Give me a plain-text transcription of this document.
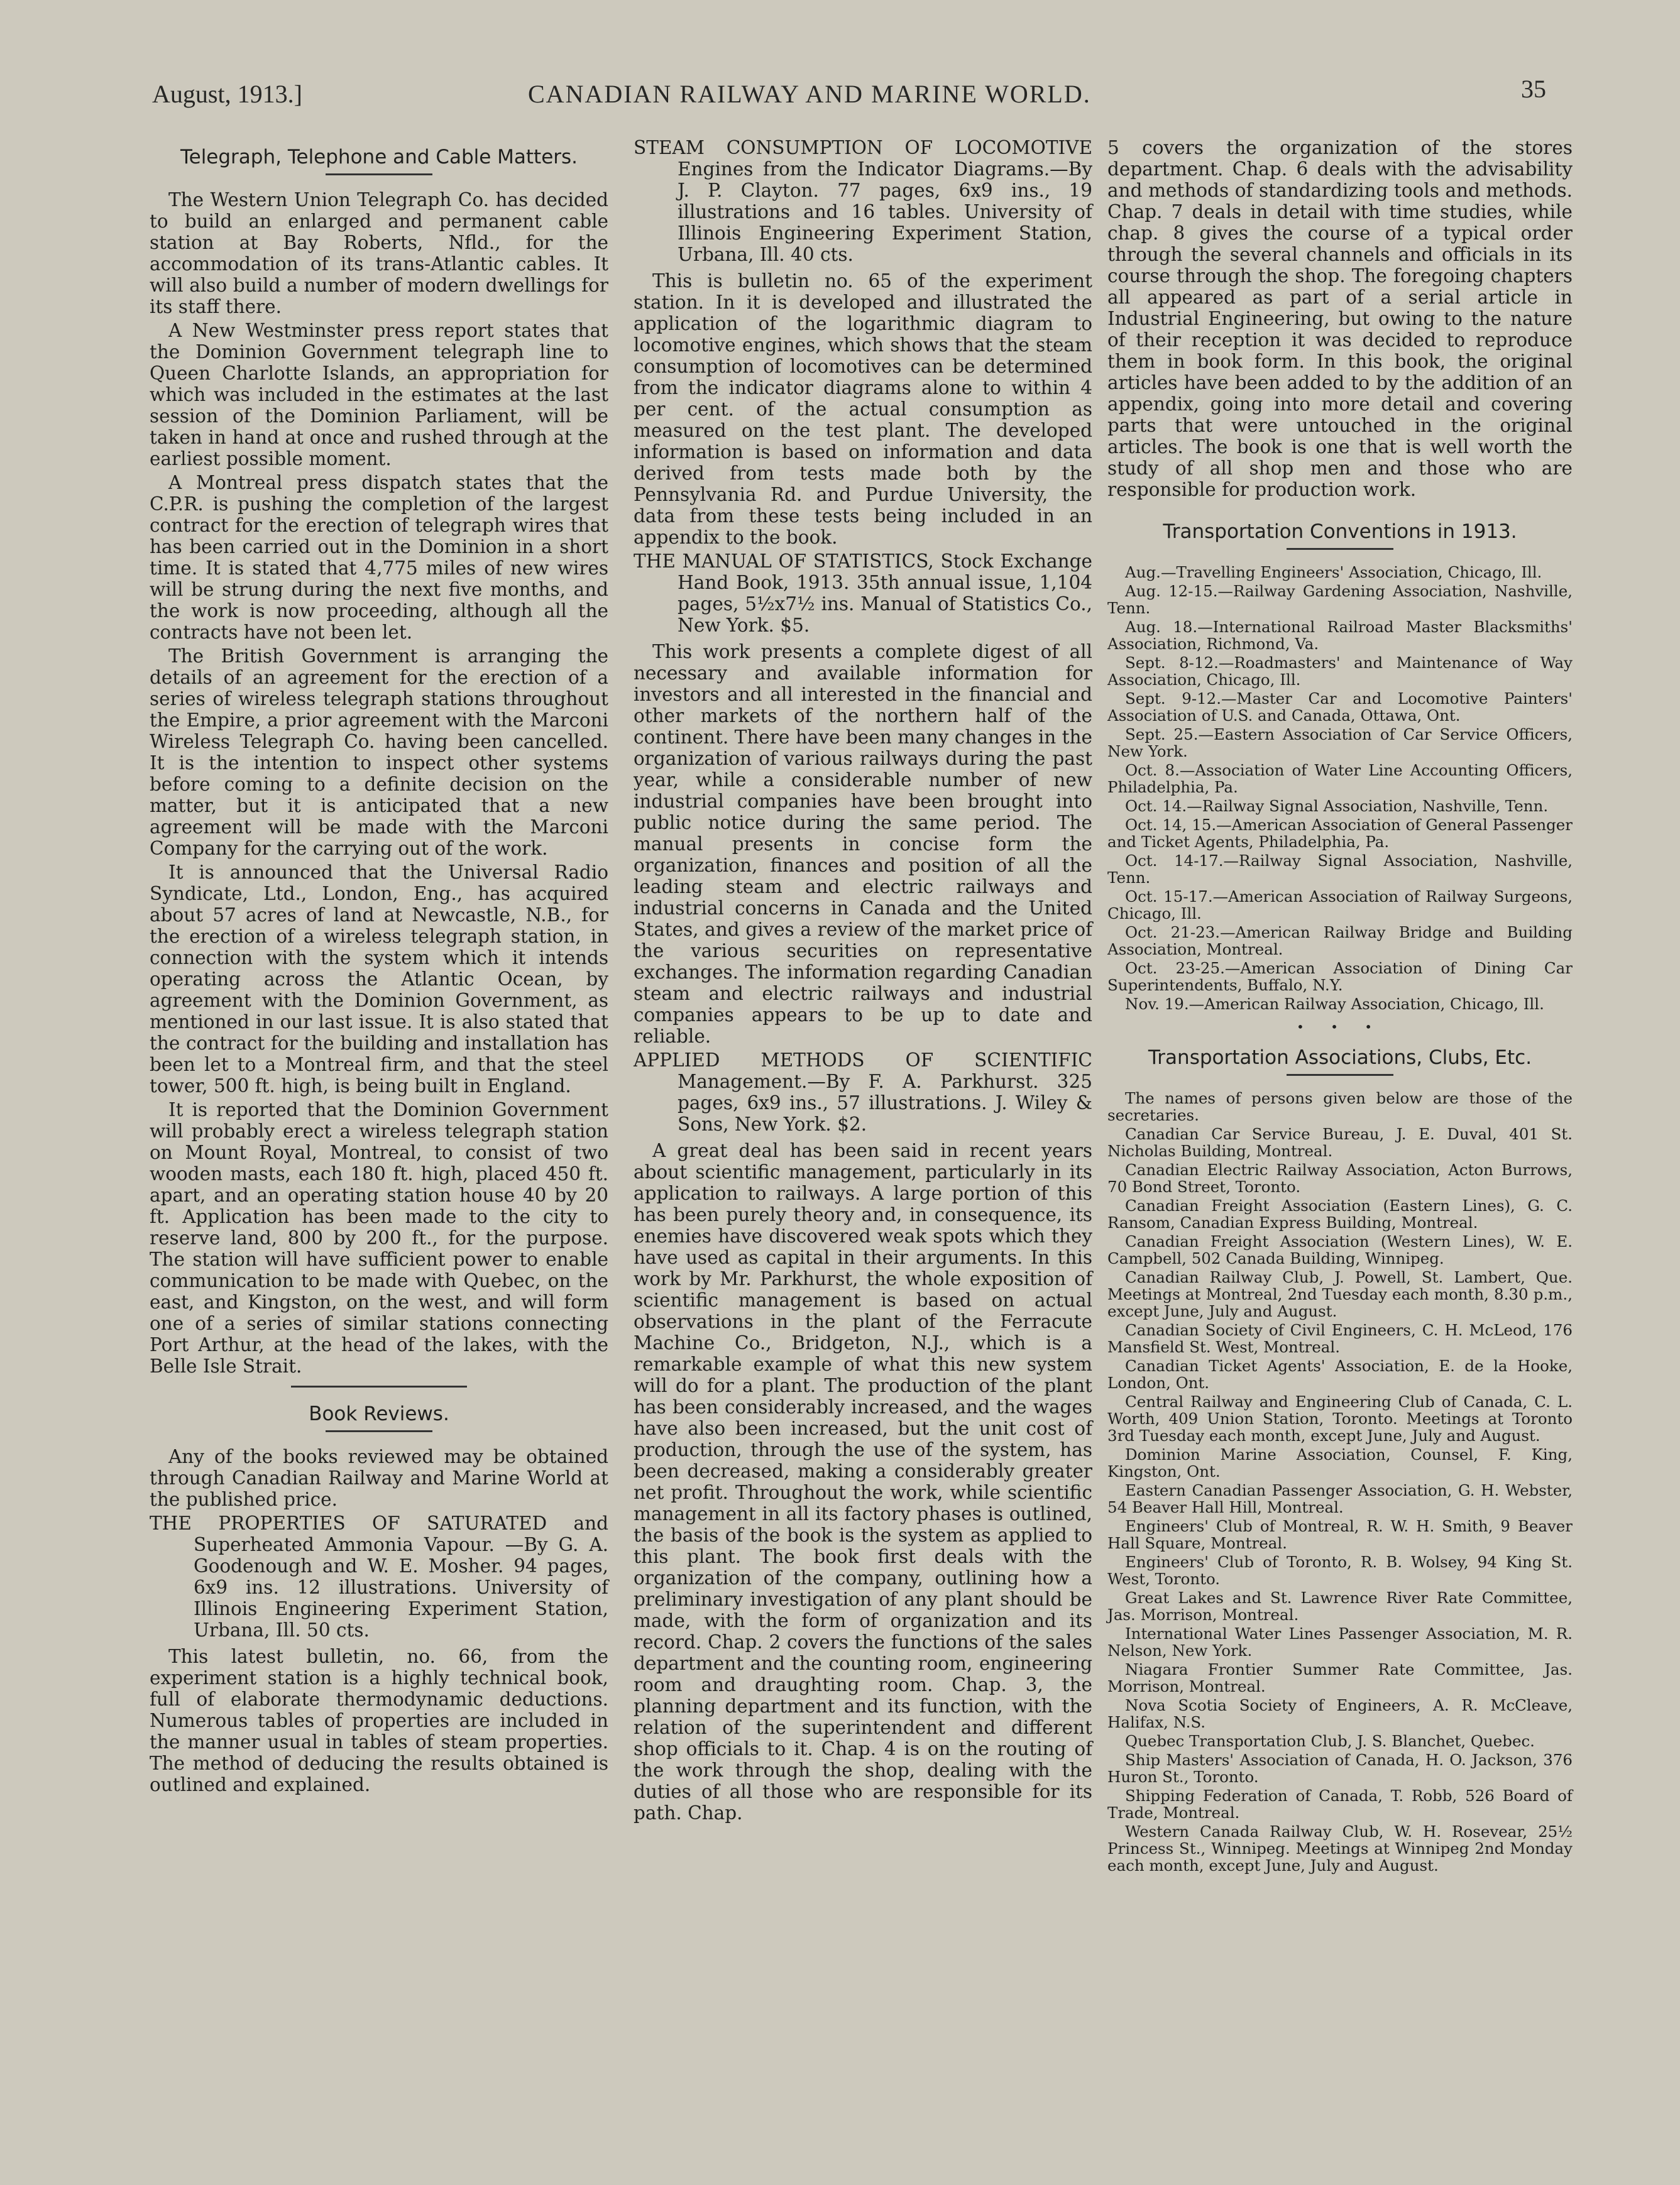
August, 1913.]	CANADIAN RAILWAY AND MARINE WORLD.	35
Telegraph, Telephone and Cable Matters.

The Western Union Telegraph Co. has decided to build an enlarged and permanent cable station at Bay Roberts, Nfld., for the accommodation of its trans-Atlantic cables. It will also build a number of modern dwellings for its staff there.

A New Westminster press report states that the Dominion Government telegraph line to Queen Charlotte Islands, an appropriation for which was included in the estimates at the last session of the Dominion Parliament, will be taken in hand at once and rushed through at the earliest possible moment.

A Montreal press dispatch states that the C.P.R. is pushing the completion of the largest contract for the erection of telegraph wires that has been carried out in the Dominion in a short time. It is stated that 4,775 miles of new wires will be strung during the next five months, and the work is now proceeding, although all the contracts have not been let.

The British Government is arranging the details of an agreement for the erection of a series of wireless telegraph stations throughout the Empire, a prior agreement with the Marconi Wireless Telegraph Co. having been cancelled. It is the intention to inspect other systems before coming to a definite decision on the matter, but it is anticipated that a new agreement will be made with the Marconi Company for the carrying out of the work.

It is announced that the Universal Radio Syndicate, Ltd., London, Eng., has acquired about 57 acres of land at Newcastle, N.B., for the erection of a wireless telegraph station, in connection with the system which it intends operating across the Atlantic Ocean, by agreement with the Dominion Government, as mentioned in our last issue. It is also stated that the contract for the building and installation has been let to a Montreal firm, and that the steel tower, 500 ft. high, is being built in England.

It is reported that the Dominion Government will probably erect a wireless telegraph station on Mount Royal, Montreal, to consist of two wooden masts, each 180 ft. high, placed 450 ft. apart, and an operating station house 40 by 20 ft. Application has been made to the city to reserve land, 800 by 200 ft., for the purpose. The station will have sufficient power to enable communication to be made with Quebec, on the east, and Kingston, on the west, and will form one of a series of similar stations connecting Port Arthur, at the head of the lakes, with the Belle Isle Strait.

Book Reviews.

Any of the books reviewed may be obtained through Canadian Railway and Marine World at the published price.

THE PROPERTIES OF SATURATED and Superheated Ammonia Vapour. —By G. A. Goodenough and W. E. Mosher. 94 pages, 6x9 ins. 12 illustrations. University of Illinois Engineering Experiment Station, Urbana, Ill. 50 cts.

This latest bulletin, no. 66, from the experiment station is a highly technical book, full of elaborate thermodynamic deductions. Numerous tables of properties are included in the manner usual in tables of steam properties. The method of deducing the results obtained is outlined and explained.

STEAM CONSUMPTION OF LOCOMOTIVE Engines from the Indicator Diagrams.—By J. P. Clayton. 77 pages, 6x9 ins., 19 illustrations and 16 tables. University of Illinois Engineering Experiment Station, Urbana, Ill. 40 cts.

This is bulletin no. 65 of the experiment station. In it is developed and illustrated the application of the logarithmic diagram to locomotive engines, which shows that the steam consumption of locomotives can be determined from the indicator diagrams alone to within 4 per cent. of the actual consumption as measured on the test plant. The developed information is based on information and data derived from tests made both by the Pennsylvania Rd. and Purdue University, the data from these tests being included in an appendix to the book.

THE MANUAL OF STATISTICS, Stock Exchange Hand Book, 1913. 35th annual issue, 1,104 pages, 5½x7½ ins. Manual of Statistics Co., New York. $5.

This work presents a complete digest of all necessary and available information for investors and all interested in the financial and other markets of the northern half of the continent. There have been many changes in the organization of various railways during the past year, while a considerable number of new industrial companies have been brought into public notice during the same period. The manual presents in concise form the organization, finances and position of all the leading steam and electric railways and industrial concerns in Canada and the United States, and gives a review of the market price of the various securities on representative exchanges. The information regarding Canadian steam and electric railways and industrial companies appears to be up to date and reliable.

APPLIED METHODS OF SCIENTIFIC Management.—By F. A. Parkhurst. 325 pages, 6x9 ins., 57 illustrations. J. Wiley & Sons, New York. $2.

A great deal has been said in recent years about scientific management, particularly in its application to railways. A large portion of this has been purely theory and, in consequence, its enemies have discovered weak spots which they have used as capital in their arguments. In this work by Mr. Parkhurst, the whole exposition of scientific management is based on actual observations in the plant of the Ferracute Machine Co., Bridgeton, N.J., which is a remarkable example of what this new system will do for a plant. The production of the plant has been considerably increased, and the wages have also been increased, but the unit cost of production, through the use of the system, has been decreased, making a considerably greater net profit. Throughout the work, while scientific management in all its factory phases is outlined, the basis of the book is the system as applied to this plant. The book first deals with the organization of the company, outlining how a preliminary investigation of any plant should be made, with the form of organization and its record. Chap. 2 covers the functions of the sales department and the counting room, engineering room and draughting room. Chap. 3, the planning department and its function, with the relation of the superintendent and different shop officials to it. Chap. 4 is on the routing of the work through the shop, dealing with the duties of all those who are responsible for its path. Chap.

5 covers the organization of the stores department. Chap. 6 deals with the advisability and methods of standardizing tools and methods. Chap. 7 deals in detail with time studies, while chap. 8 gives the course of a typical order through the several channels and officials in its course through the shop. The foregoing chapters all appeared as part of a serial article in Industrial Engineering, but owing to the nature of their reception it was decided to reproduce them in book form. In this book, the original articles have been added to by the addition of an appendix, going into more detail and covering parts that were untouched in the original articles. The book is one that is well worth the study of all shop men and those who are responsible for production work.

Transportation Conventions in 1913.
Aug.—Travelling Engineers' Association, Chicago, Ill.
Aug. 12-15.—Railway Gardening Association, Nashville, Tenn.
Aug. 18.—International Railroad Master Blacksmiths' Association, Richmond, Va.
Sept. 8-12.—Roadmasters' and Maintenance of Way Association, Chicago, Ill.
Sept. 9-12.—Master Car and Locomotive Painters' Association of U.S. and Canada, Ottawa, Ont.
Sept. 25.—Eastern Association of Car Service Officers, New York.
Oct. 8.—Association of Water Line Accounting Officers, Philadelphia, Pa.
Oct. 14.—Railway Signal Association, Nashville, Tenn.
Oct. 14, 15.—American Association of General Passenger and Ticket Agents, Philadelphia, Pa.
Oct. 14-17.—Railway Signal Association, Nashville, Tenn.
Oct. 15-17.—American Association of Railway Surgeons, Chicago, Ill.
Oct. 21-23.—American Railway Bridge and Building Association, Montreal.
Oct. 23-25.—American Association of Dining Car Superintendents, Buffalo, N.Y.
Nov. 19.—American Railway Association, Chicago, Ill.
• • •
Transportation Associations, Clubs, Etc.
The names of persons given below are those of the secretaries.
Canadian Car Service Bureau, J. E. Duval, 401 St. Nicholas Building, Montreal.
Canadian Electric Railway Association, Acton Burrows, 70 Bond Street, Toronto.
Canadian Freight Association (Eastern Lines), G. C. Ransom, Canadian Express Building, Montreal.
Canadian Freight Association (Western Lines), W. E. Campbell, 502 Canada Building, Winnipeg.
Canadian Railway Club, J. Powell, St. Lambert, Que. Meetings at Montreal, 2nd Tuesday each month, 8.30 p.m., except June, July and August.
Canadian Society of Civil Engineers, C. H. McLeod, 176 Mansfield St. West, Montreal.
Canadian Ticket Agents' Association, E. de la Hooke, London, Ont.
Central Railway and Engineering Club of Canada, C. L. Worth, 409 Union Station, Toronto. Meetings at Toronto 3rd Tuesday each month, except June, July and August.
Dominion Marine Association, Counsel, F. King, Kingston, Ont.
Eastern Canadian Passenger Association, G. H. Webster, 54 Beaver Hall Hill, Montreal.
Engineers' Club of Montreal, R. W. H. Smith, 9 Beaver Hall Square, Montreal.
Engineers' Club of Toronto, R. B. Wolsey, 94 King St. West, Toronto.
Great Lakes and St. Lawrence River Rate Committee, Jas. Morrison, Montreal.
International Water Lines Passenger Association, M. R. Nelson, New York.
Niagara Frontier Summer Rate Committee, Jas. Morrison, Montreal.
Nova Scotia Society of Engineers, A. R. McCleave, Halifax, N.S.
Quebec Transportation Club, J. S. Blanchet, Quebec.
Ship Masters' Association of Canada, H. O. Jackson, 376 Huron St., Toronto.
Shipping Federation of Canada, T. Robb, 526 Board of Trade, Montreal.
Western Canada Railway Club, W. H. Rosevear, 25½ Princess St., Winnipeg. Meetings at Winnipeg 2nd Monday each month, except June, July and August.
